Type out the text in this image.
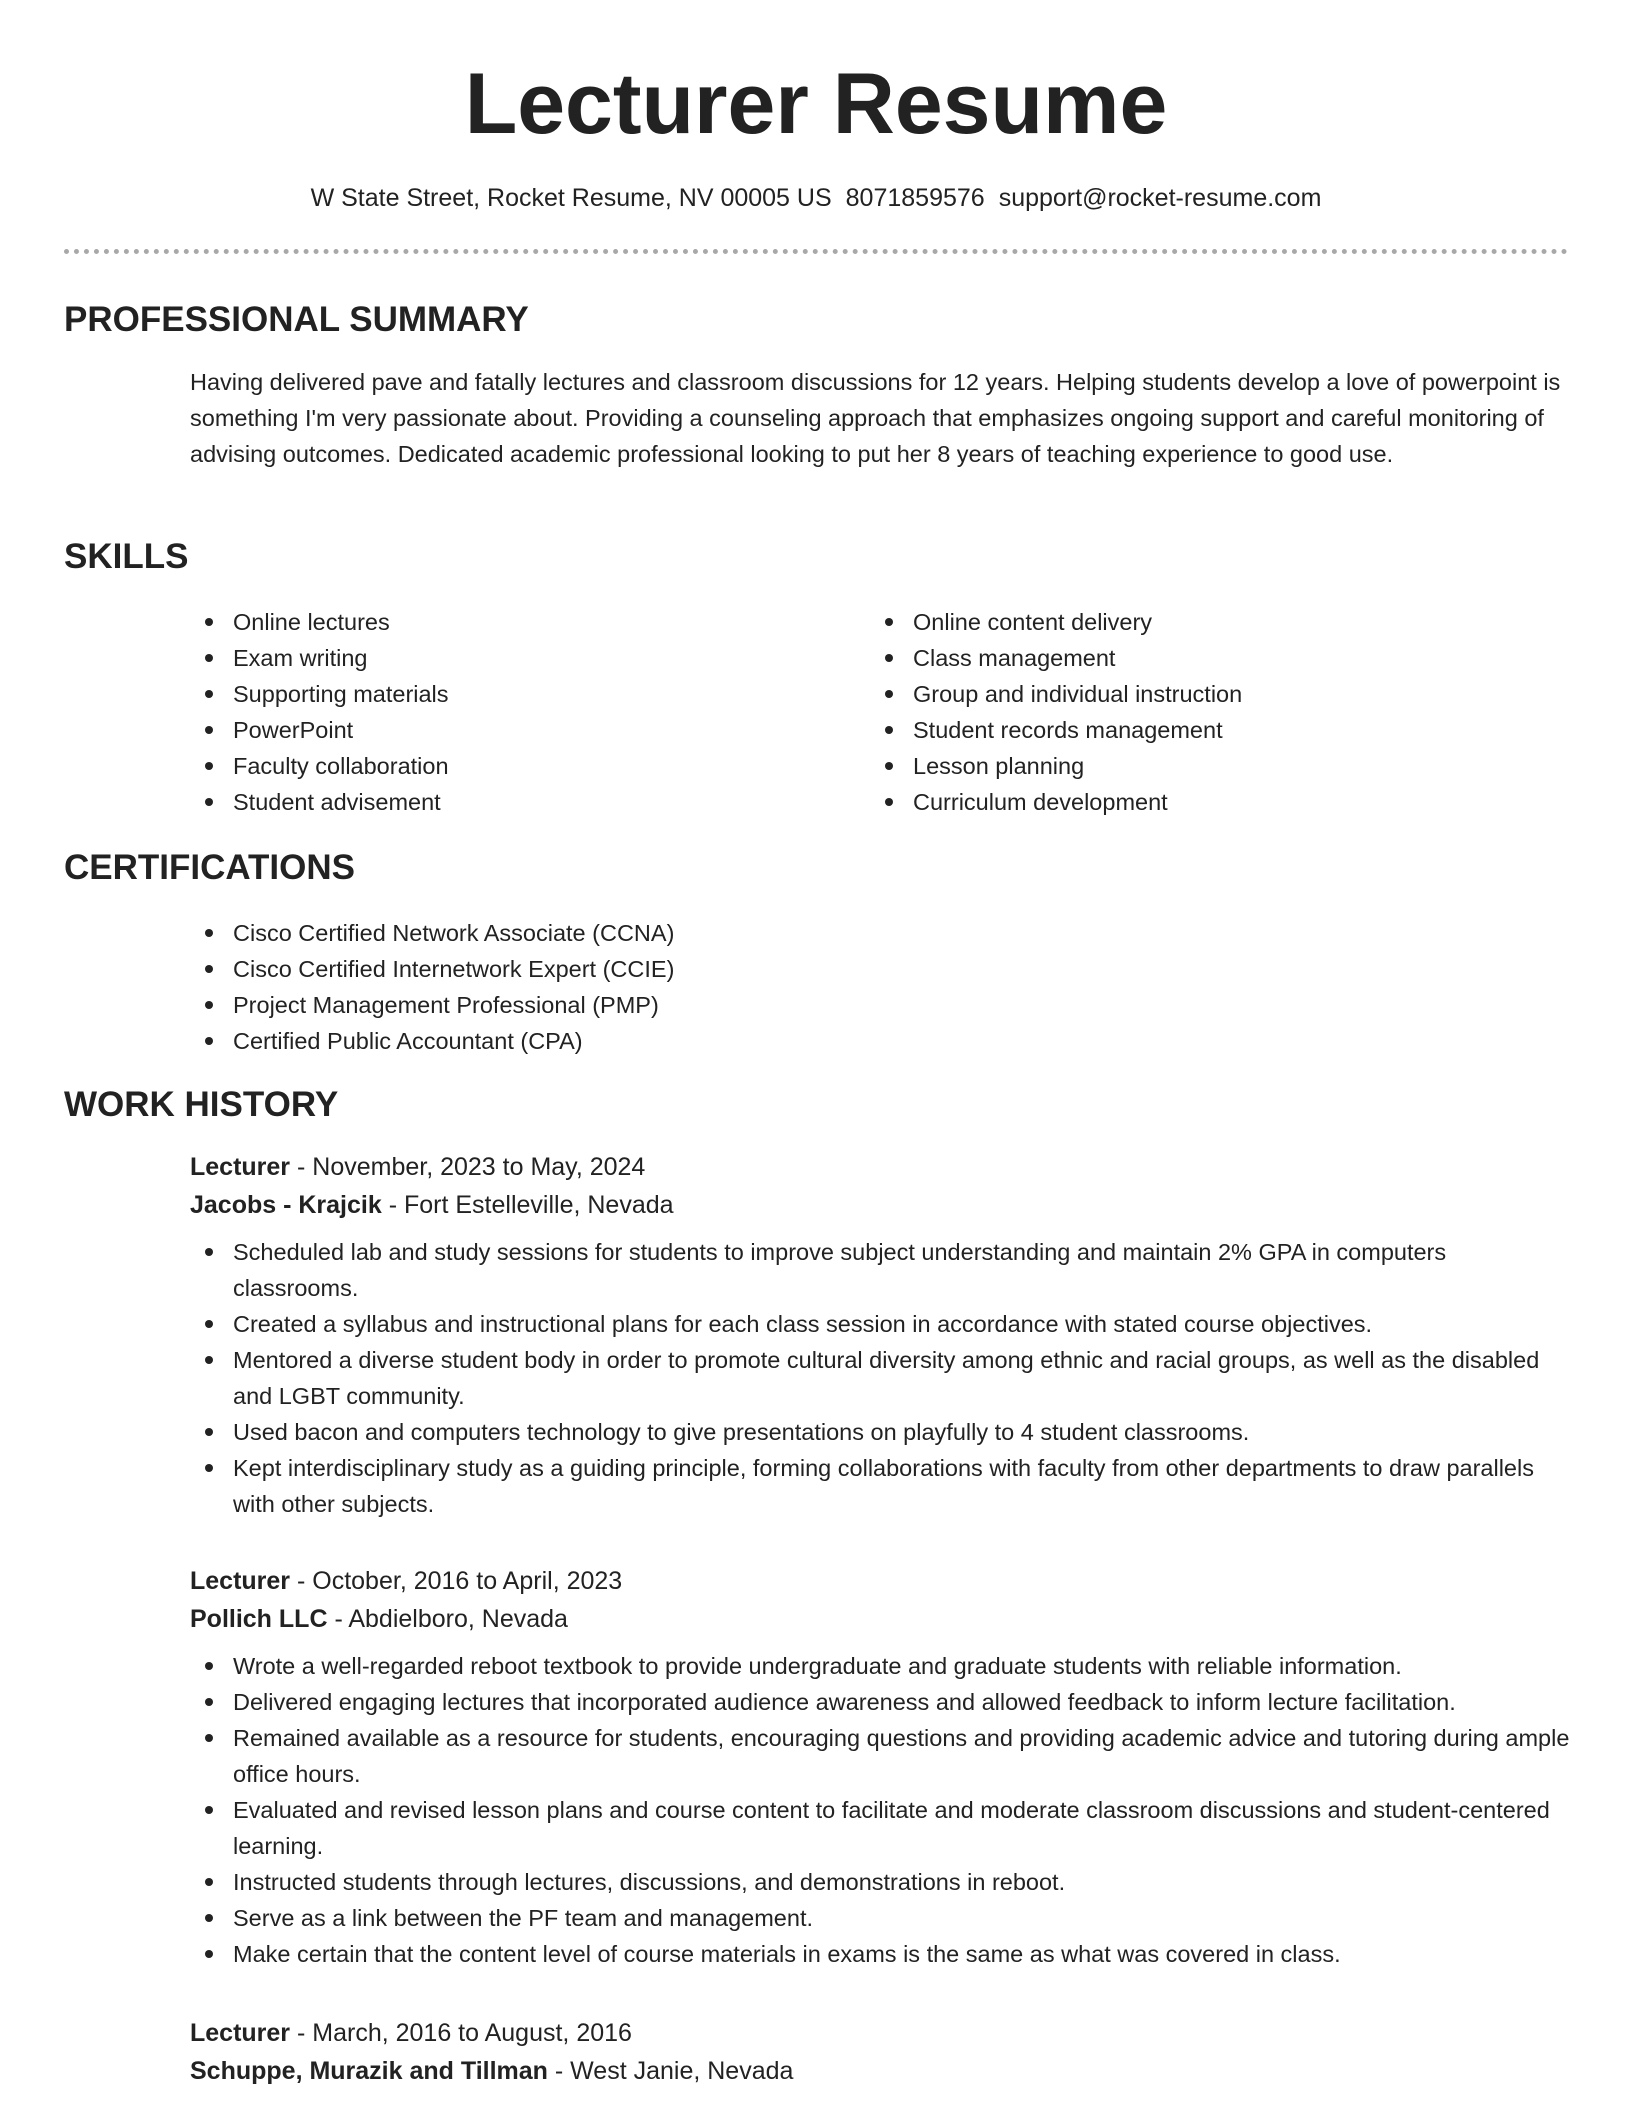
Lecturer Resume
W State Street, Rocket Resume, NV 00005 US 8071859576 support@rocket-resume.com
PROFESSIONAL SUMMARY

Having delivered pave and fatally lectures and classroom discussions for 12 years. Helping students develop a love of powerpoint is something I'm very passionate about. Providing a counseling approach that emphasizes ongoing support and careful monitoring of advising outcomes. Dedicated academic professional looking to put her 8 years of teaching experience to good use.

SKILLS
Online lectures
Exam writing
Supporting materials
PowerPoint
Faculty collaboration
Student advisement
Online content delivery
Class management
Group and individual instruction
Student records management
Lesson planning
Curriculum development
CERTIFICATIONS
Cisco Certified Network Associate (CCNA)
Cisco Certified Internetwork Expert (CCIE)
Project Management Professional (PMP)
Certified Public Accountant (CPA)
WORK HISTORY
Lecturer - November, 2023 to May, 2024
Jacobs - Krajcik - Fort Estelleville, Nevada
Scheduled lab and study sessions for students to improve subject understanding and maintain 2% GPA in computers classrooms.
Created a syllabus and instructional plans for each class session in accordance with stated course objectives.
Mentored a diverse student body in order to promote cultural diversity among ethnic and racial groups, as well as the disabled and LGBT community.
Used bacon and computers technology to give presentations on playfully to 4 student classrooms.
Kept interdisciplinary study as a guiding principle, forming collaborations with faculty from other departments to draw parallels with other subjects.
Lecturer - October, 2016 to April, 2023
Pollich LLC - Abdielboro, Nevada
Wrote a well-regarded reboot textbook to provide undergraduate and graduate students with reliable information.
Delivered engaging lectures that incorporated audience awareness and allowed feedback to inform lecture facilitation.
Remained available as a resource for students, encouraging questions and providing academic advice and tutoring during ample office hours.
Evaluated and revised lesson plans and course content to facilitate and moderate classroom discussions and student-centered learning.
Instructed students through lectures, discussions, and demonstrations in reboot.
Serve as a link between the PF team and management.
Make certain that the content level of course materials in exams is the same as what was covered in class.
Lecturer - March, 2016 to August, 2016
Schuppe, Murazik and Tillman - West Janie, Nevada
